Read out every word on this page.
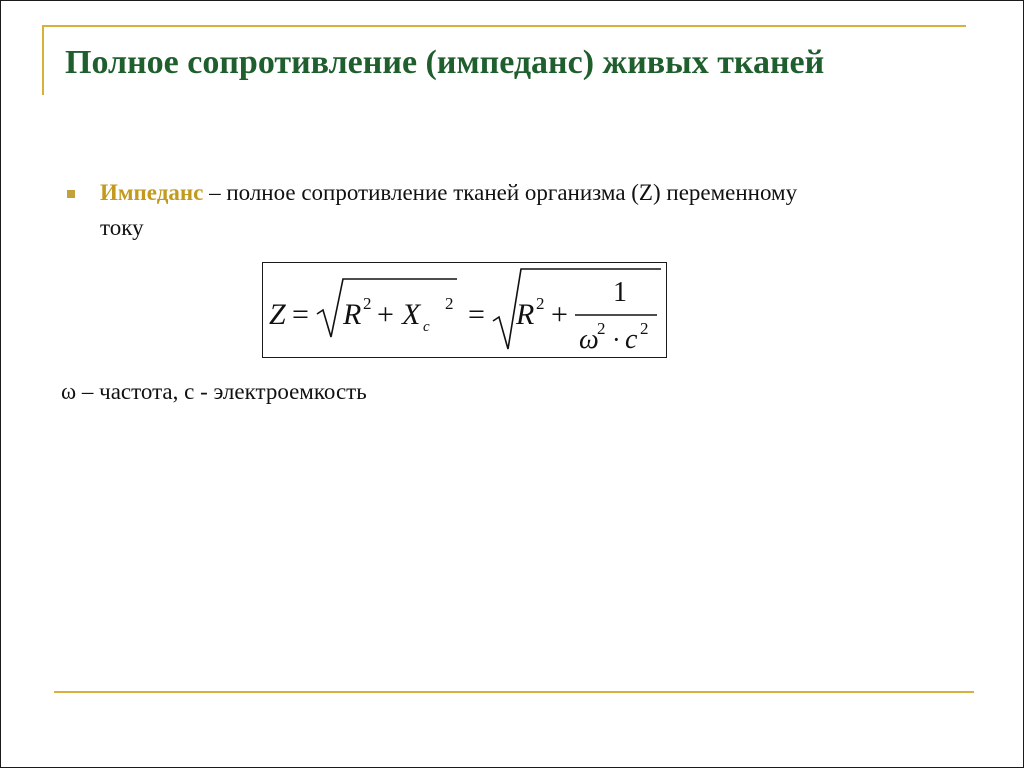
Полное сопротивление (импеданс) живых тканей

Импеданс – полное сопротивление тканей организма (Z) переменному току

Z = R 2 + X c
2 = R 2 +
1
ω
2 · c 2

ω – частота, с - электроемкость
